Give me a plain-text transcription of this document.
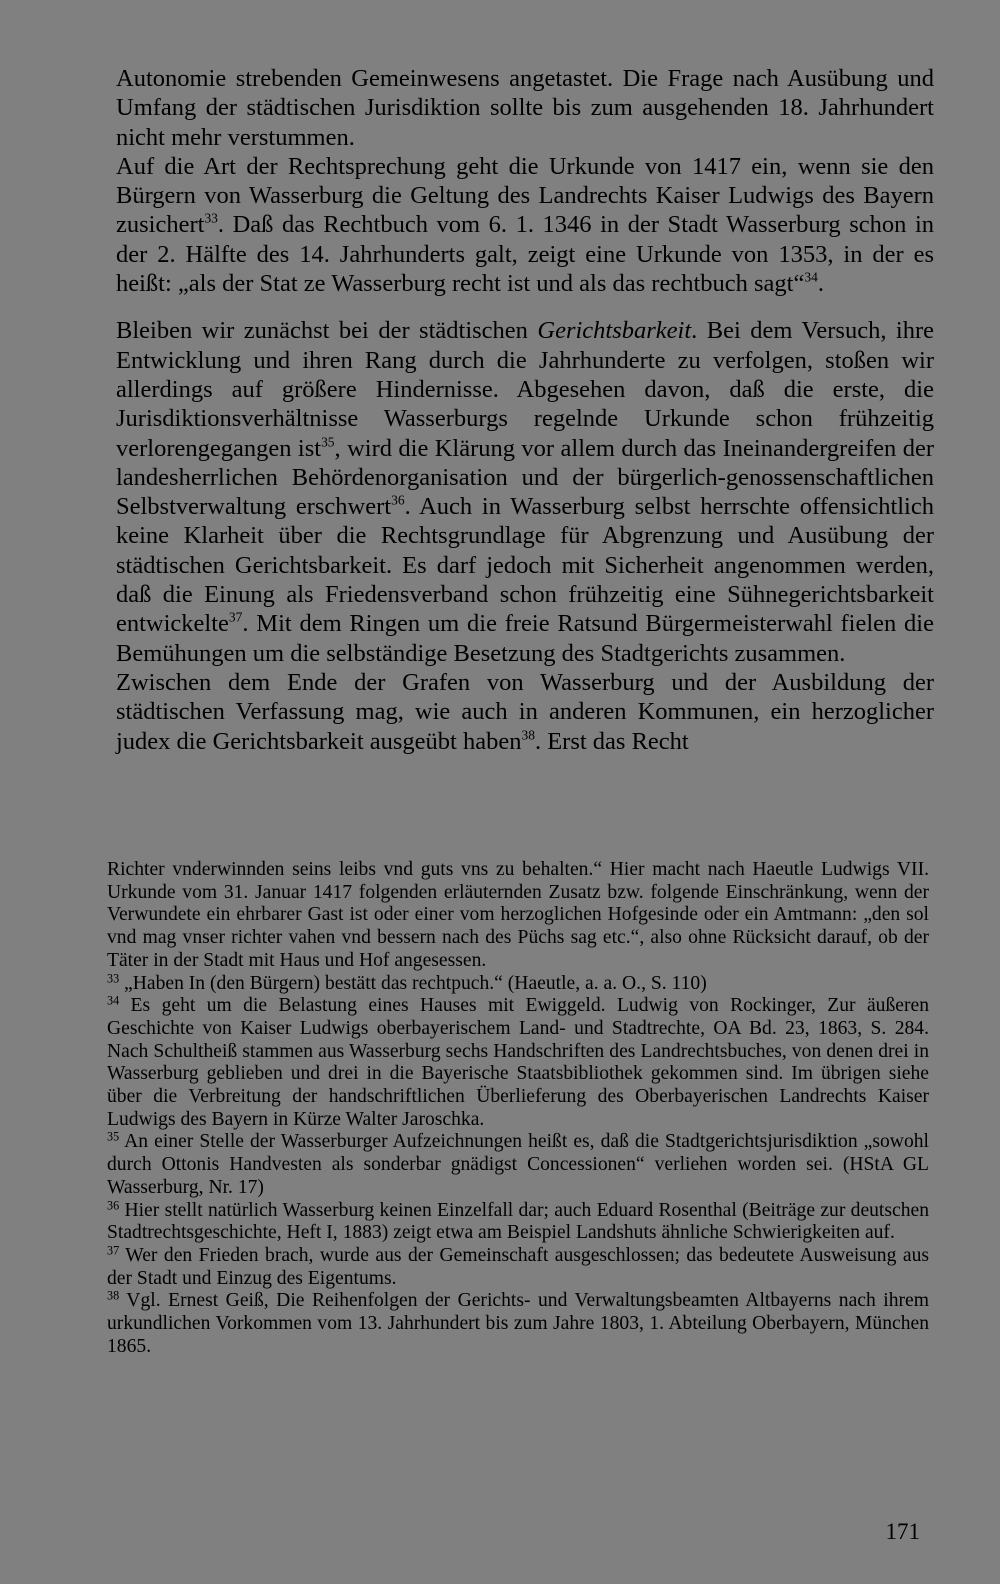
Autonomie strebenden Gemeinwesens angetastet. Die Frage nach Ausübung und Umfang der städtischen Jurisdiktion sollte bis zum ausgehenden 18. Jahrhundert nicht mehr verstummen.

Auf die Art der Rechtsprechung geht die Urkunde von 1417 ein, wenn sie den Bürgern von Wasserburg die Geltung des Landrechts Kaiser Ludwigs des Bayern zusichert$^{33}$. Daß das Rechtbuch vom 6. 1. 1346 in der Stadt Wasserburg schon in der 2. Hälfte des 14. Jahrhunderts galt, zeigt eine Urkunde von 1353, in der es heißt: „als der Stat ze Wasserburg recht ist und als das rechtbuch sagt“$^{34}$.

Bleiben wir zunächst bei der städtischen Gerichtsbarkeit. Bei dem Versuch, ihre Entwicklung und ihren Rang durch die Jahrhunderte zu verfolgen, stoßen wir allerdings auf größere Hindernisse. Abgesehen davon, daß die erste, die Jurisdiktionsverhältnisse Wasserburgs regelnde Urkunde schon frühzeitig verlorengegangen ist$^{35}$, wird die Klärung vor allem durch das Ineinandergreifen der landesherrlichen Behördenorganisation und der bürgerlich-genossenschaftlichen Selbstverwaltung erschwert$^{36}$. Auch in Wasserburg selbst herrschte offensichtlich keine Klarheit über die Rechtsgrundlage für Abgrenzung und Ausübung der städtischen Gerichtsbarkeit. Es darf jedoch mit Sicherheit angenommen werden, daß die Einung als Friedensverband schon frühzeitig eine Sühnegerichtsbarkeit entwickelte$^{37}$. Mit dem Ringen um die freie Ratsund Bürgermeisterwahl fielen die Bemühungen um die selbständige Besetzung des Stadtgerichts zusammen.

Zwischen dem Ende der Grafen von Wasserburg und der Ausbildung der städtischen Verfassung mag, wie auch in anderen Kommunen, ein herzoglicher judex die Gerichtsbarkeit ausgeübt haben$^{38}$. Erst das Recht

Richter vnderwinnden seins leibs vnd guts vns zu behalten.“ Hier macht nach Haeutle Ludwigs VII. Urkunde vom 31. Januar 1417 folgenden erläuternden Zusatz bzw. folgende Einschränkung, wenn der Verwundete ein ehrbarer Gast ist oder einer vom herzoglichen Hofgesinde oder ein Amtmann: „den sol vnd mag vnser richter vahen vnd bessern nach des Püchs sag etc.“, also ohne Rücksicht darauf, ob der Täter in der Stadt mit Haus und Hof angesessen.

$^{33}$ „Haben In (den Bürgern) bestätt das rechtpuch.“ (Haeutle, a. a. O., S. 110)

$^{34}$ Es geht um die Belastung eines Hauses mit Ewiggeld. Ludwig von Rockinger, Zur äußeren Geschichte von Kaiser Ludwigs oberbayerischem Land- und Stadtrechte, OA Bd. 23, 1863, S. 284. Nach Schultheiß stammen aus Wasserburg sechs Handschriften des Landrechtsbuches, von denen drei in Wasserburg geblieben und drei in die Bayerische Staatsbibliothek gekommen sind. Im übrigen siehe über die Verbreitung der handschriftlichen Überlieferung des Oberbayerischen Landrechts Kaiser Ludwigs des Bayern in Kürze Walter Jaroschka.

$^{35}$ An einer Stelle der Wasserburger Aufzeichnungen heißt es, daß die Stadtgerichtsjurisdiktion „sowohl durch Ottonis Handvesten als sonderbar gnädigst Concessionen“ verliehen worden sei. (HStA GL Wasserburg, Nr. 17)

$^{36}$ Hier stellt natürlich Wasserburg keinen Einzelfall dar; auch Eduard Rosenthal (Beiträge zur deutschen Stadtrechtsgeschichte, Heft I, 1883) zeigt etwa am Beispiel Landshuts ähnliche Schwierigkeiten auf.

$^{37}$ Wer den Frieden brach, wurde aus der Gemeinschaft ausgeschlossen; das bedeutete Ausweisung aus der Stadt und Einzug des Eigentums.

$^{38}$ Vgl. Ernest Geiß, Die Reihenfolgen der Gerichts- und Verwaltungsbeamten Altbayerns nach ihrem urkundlichen Vorkommen vom 13. Jahrhundert bis zum Jahre 1803, 1. Abteilung Oberbayern, München 1865.

171
